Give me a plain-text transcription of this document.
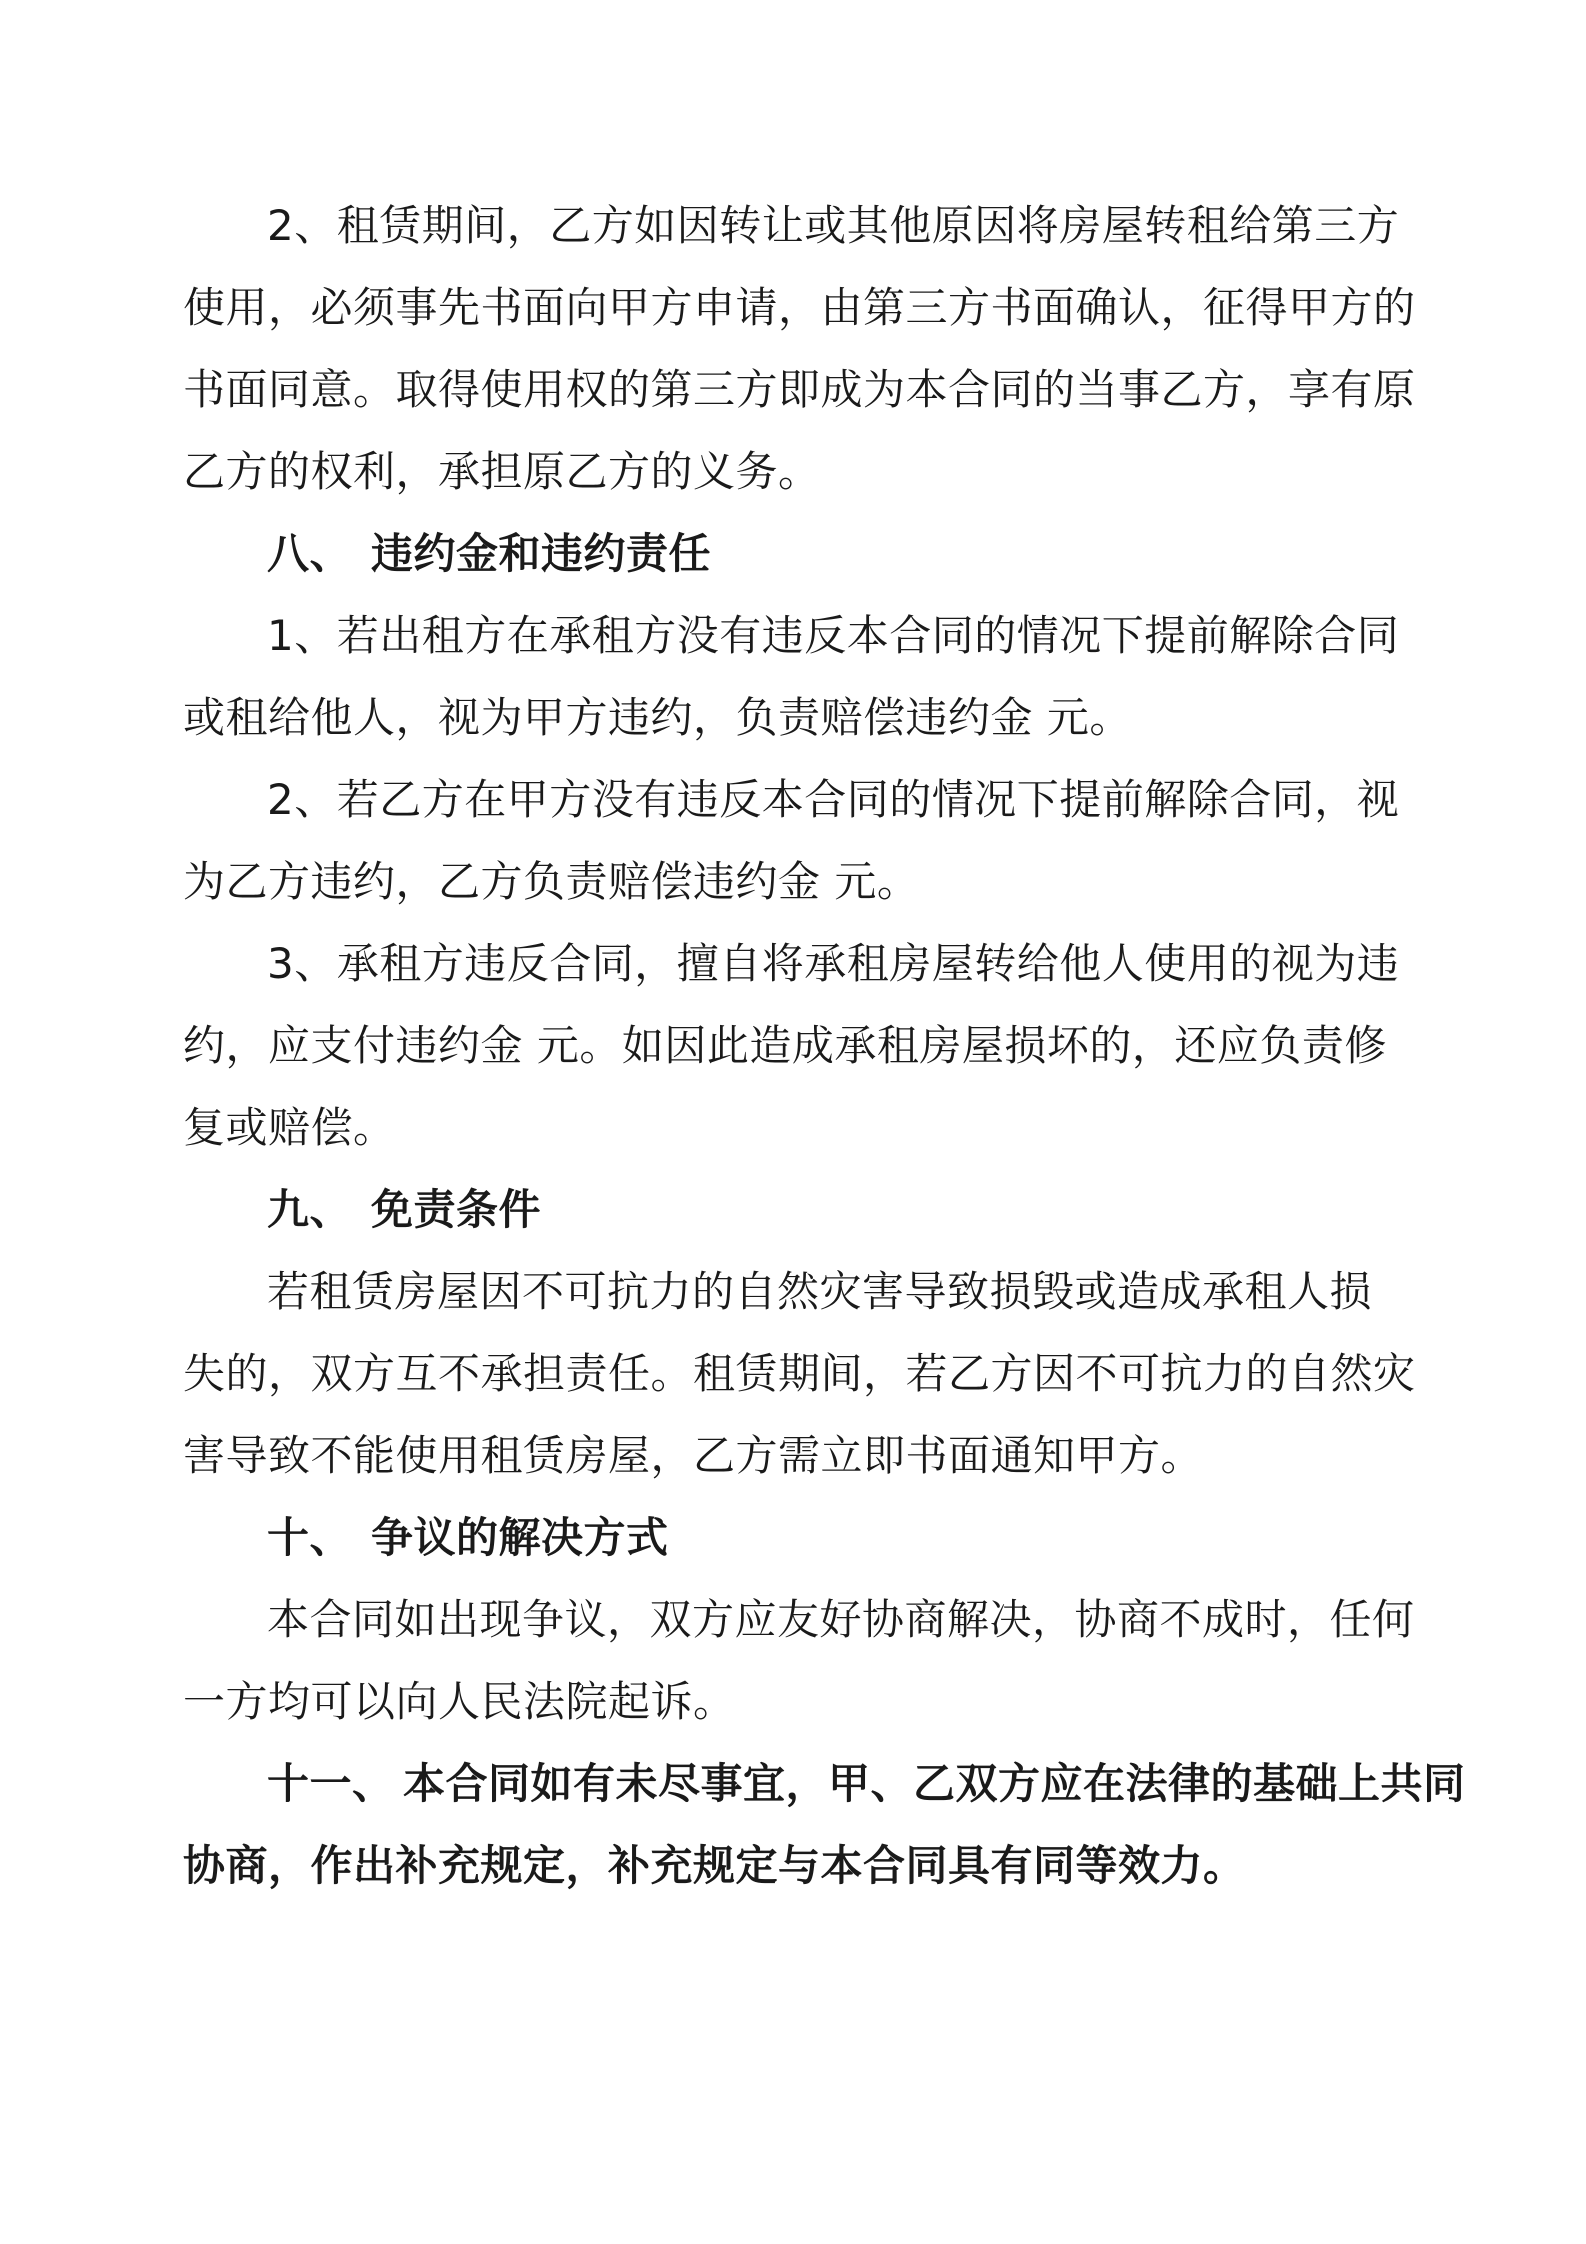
2、租赁期间，乙方如因转让或其他原因将房屋转租给第三方
使用，必须事先书面向甲方申请，由第三方书面确认，征得甲方的
书面同意。取得使用权的第三方即成为本合同的当事乙方，享有原
乙方的权利，承担原乙方的义务。
八、 违约金和违约责任
1、若出租方在承租方没有违反本合同的情况下提前解除合同
或租给他人，视为甲方违约，负责赔偿违约金 元。
2、若乙方在甲方没有违反本合同的情况下提前解除合同，视
为乙方违约，乙方负责赔偿违约金 元。
3、承租方违反合同，擅自将承租房屋转给他人使用的视为违
约，应支付违约金 元。如因此造成承租房屋损坏的，还应负责修
复或赔偿。
九、 免责条件
若租赁房屋因不可抗力的自然灾害导致损毁或造成承租人损
失的，双方互不承担责任。租赁期间，若乙方因不可抗力的自然灾
害导致不能使用租赁房屋，乙方需立即书面通知甲方。
十、 争议的解决方式
本合同如出现争议，双方应友好协商解决，协商不成时，任何
一方均可以向人民法院起诉。
十一、 本合同如有未尽事宜，甲、乙双方应在法律的基础上共同
协商，作出补充规定，补充规定与本合同具有同等效力。
